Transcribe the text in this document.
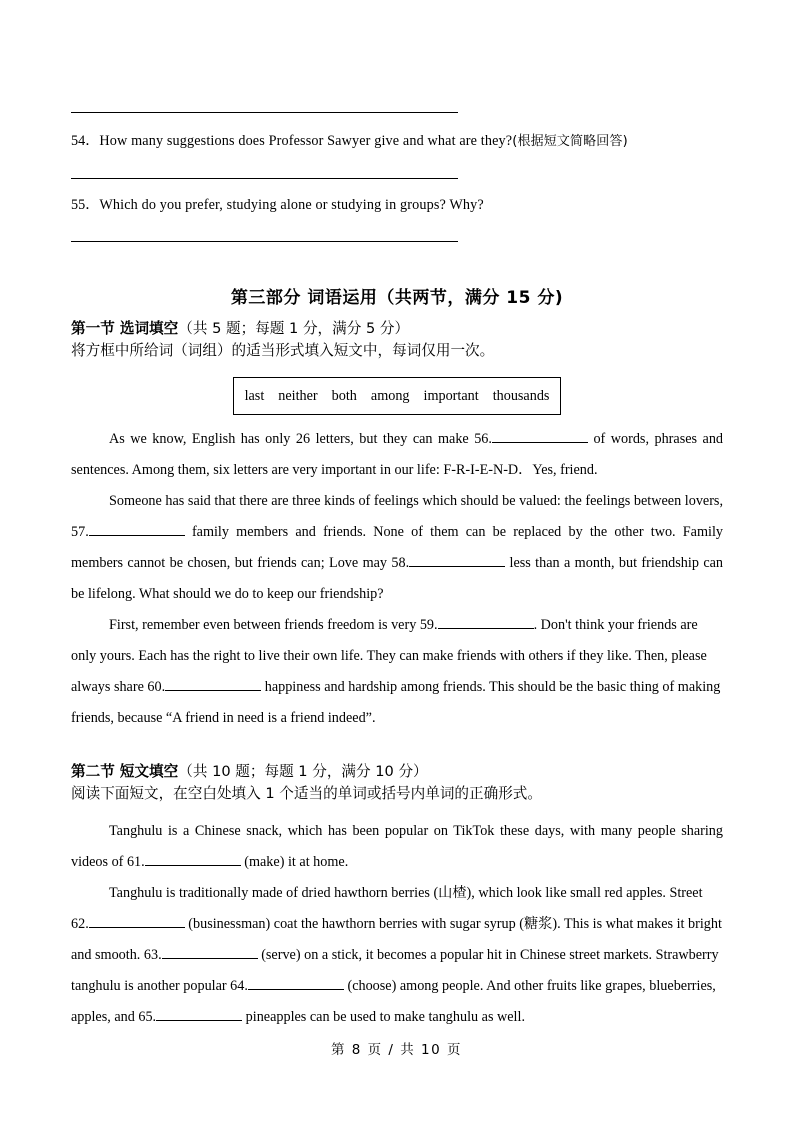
54．How many suggestions does Professor Sawyer give and what are they?(根据短文简略回答)
55．Which do you prefer, studying alone or studying in groups? Why?
第三部分 词语运用（共两节，满分 15 分)
第一节 选词填空（共 5 题；每题 1 分，满分 5 分）
将方框中所给词（词组）的适当形式填入短文中，每词仅用一次。
last neither both among important thousands
As we know, English has only 26 letters, but they can make 56.	of words, phrases and sentences. Among them, six letters are very important in our life: F-R-I-E-N-D．Yes, friend.
Someone has said that there are three kinds of feelings which should be valued: the feelings between lovers, 57.	family members and friends. None of them can be replaced by the other two. Family members cannot be chosen, but friends can; Love may 58.	less than a month, but friendship can be lifelong. What should we do to keep our friendship?
First, remember even between friends freedom is very 59.	. Don't think your friends are only yours. Each has the right to live their own life. They can make friends with others if they like. Then, please always share 60.	happiness and hardship among friends. This should be the basic thing of making friends, because “A friend in need is a friend indeed”.
第二节 短文填空（共 10 题；每题 1 分，满分 10 分）
阅读下面短文，在空白处填入 1 个适当的单词或括号内单词的正确形式。
Tanghulu is a Chinese snack, which has been popular on TikTok these days, with many people sharing videos of 61.	(make) it at home.
Tanghulu is traditionally made of dried hawthorn berries (山楂), which look like small red apples. Street 62.	(businessman) coat the hawthorn berries with sugar syrup (糖浆). This is what makes it bright and smooth. 63.	(serve) on a stick, it becomes a popular hit in Chinese street markets. Strawberry tanghulu is another popular 64.	(choose) among people. And other fruits like grapes, blueberries, apples, and 65.	pineapples can be used to make tanghulu as well.
第 8 页 / 共 10 页
